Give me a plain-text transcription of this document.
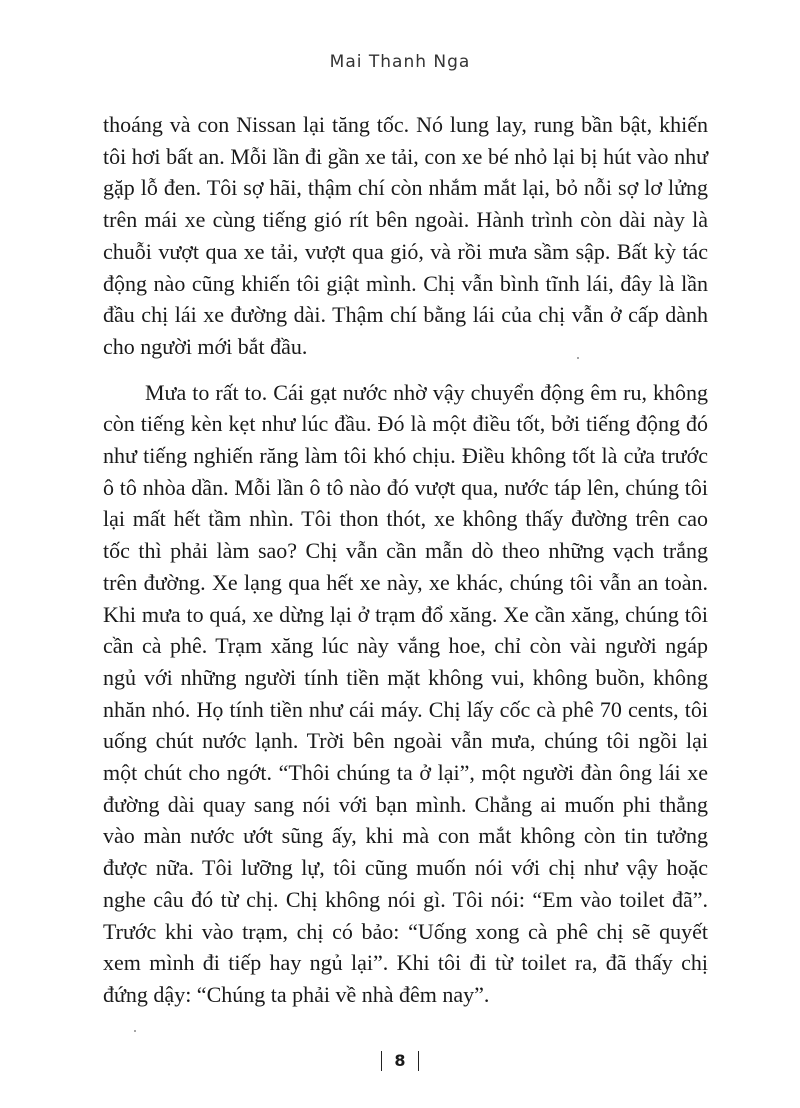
Mai Thanh Nga

thoáng và con Nissan lại tăng tốc. Nó lung lay, rung bần bật, khiến tôi hơi bất an. Mỗi lần đi gần xe tải, con xe bé nhỏ lại bị hút vào như gặp lỗ đen. Tôi sợ hãi, thậm chí còn nhắm mắt lại, bỏ nỗi sợ lơ lửng trên mái xe cùng tiếng gió rít bên ngoài. Hành trình còn dài này là chuỗi vượt qua xe tải, vượt qua gió, và rồi mưa sầm sập. Bất kỳ tác động nào cũng khiến tôi giật mình. Chị vẫn bình tĩnh lái, đây là lần đầu chị lái xe đường dài. Thậm chí bằng lái của chị vẫn ở cấp dành cho người mới bắt đầu.

Mưa to rất to. Cái gạt nước nhờ vậy chuyển động êm ru, không còn tiếng kèn kẹt như lúc đầu. Đó là một điều tốt, bởi tiếng động đó như tiếng nghiến răng làm tôi khó chịu. Điều không tốt là cửa trước ô tô nhòa dần. Mỗi lần ô tô nào đó vượt qua, nước táp lên, chúng tôi lại mất hết tầm nhìn. Tôi thon thót, xe không thấy đường trên cao tốc thì phải làm sao? Chị vẫn cần mẫn dò theo những vạch trắng trên đường. Xe lạng qua hết xe này, xe khác, chúng tôi vẫn an toàn. Khi mưa to quá, xe dừng lại ở trạm đổ xăng. Xe cần xăng, chúng tôi cần cà phê. Trạm xăng lúc này vắng hoe, chỉ còn vài người ngáp ngủ với những người tính tiền mặt không vui, không buồn, không nhăn nhó. Họ tính tiền như cái máy. Chị lấy cốc cà phê 70 cents, tôi uống chút nước lạnh. Trời bên ngoài vẫn mưa, chúng tôi ngồi lại một chút cho ngớt. “Thôi chúng ta ở lại”, một người đàn ông lái xe đường dài quay sang nói với bạn mình. Chẳng ai muốn phi thẳng vào màn nước ướt sũng ấy, khi mà con mắt không còn tin tưởng được nữa. Tôi lưỡng lự, tôi cũng muốn nói với chị như vậy hoặc nghe câu đó từ chị. Chị không nói gì. Tôi nói: “Em vào toilet đã”. Trước khi vào trạm, chị có bảo: “Uống xong cà phê chị sẽ quyết xem mình đi tiếp hay ngủ lại”. Khi tôi đi từ toilet ra, đã thấy chị đứng dậy: “Chúng ta phải về nhà đêm nay”.

8
